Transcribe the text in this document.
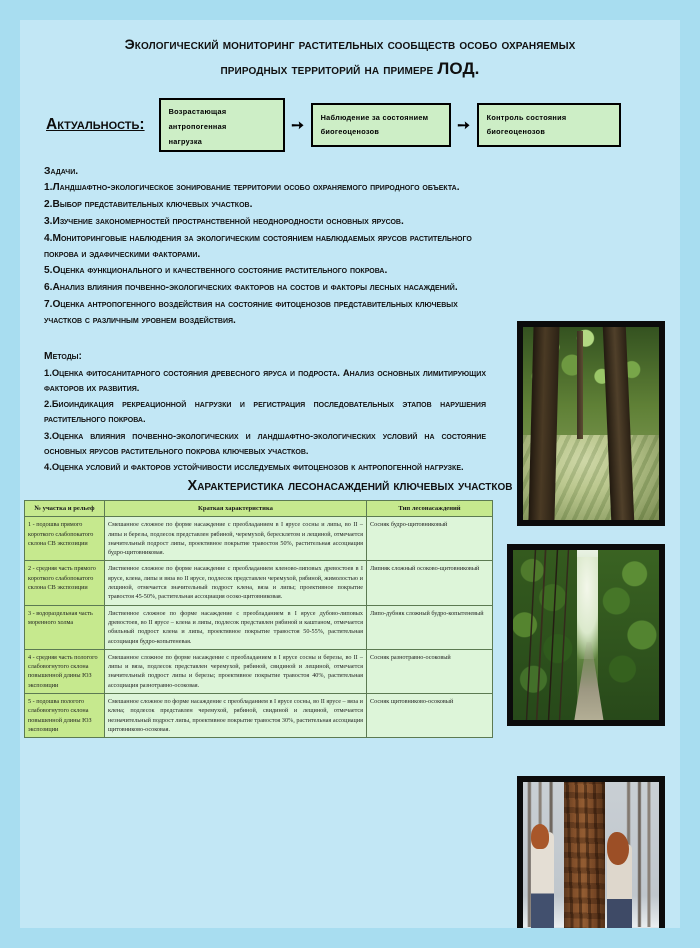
Экологический мониторинг растительных сообществ особо охраняемых
природных территорий на примере ЛОД.
Актуальность:
Возрастающая
антропогенная
нагрузка
➙	Наблюдение за состоянием
биогеоценозов	➙	Контроль состояния
биогеоценозов
Задачи.

1.Ландшафтно-экологическое зонирование территории особо охраняемого природного объекта.

2.Выбор представительных ключевых участков.

3.Изучение закономерностей пространственной неоднородности основных ярусов.

4.Мониторинговые наблюдения за экологическим состоянием наблюдаемых ярусов растительного покрова и эдафическими факторами.

5.Оценка функционального и качественного состояние растительного покрова.

6.Анализ влияния почвенно-экологических факторов на состов и факторы лесных насаждений.

7.Оценка антропогенного воздействия на состояние фитоценозов представительных ключевых участков с различным уровнем воздействия.

Методы:

1.Оценка фитосанитарного состояния древесного яруса и подроста. Анализ основных лимитирующих факторов их развития.

2.Биоиндикация рекреационной нагрузки и регистрация последовательных этапов нарушения растительного покрова.

3.Оценка влияния почвенно-экологических и ландшафтно-экологических условий на состояние основных ярусов растительного покрова ключевых участков.

4.Оценка условий и факторов устойчивости исследуемых фитоценозов к антропогенной нагрузке.

Характеристика лесонасаждений ключевых участков
№ участка и рельеф	Краткая характеристика	Тип лесонасаждений
1 - подошва прямого короткого слабопокатого склона СВ экспозиции	Смешанное сложное по форме насаждение с преобладанием в I ярусе сосны и липы, во II – липы и березы, подлесок представлен рябиной, черемухой, бересклетом и лещиной, отмечается значительный подрост липы, проективное покрытие травостоя 50%, растительная ассоциация будро-щитовниковая.	Сосняк будро-щитовниковый
2 - средняя часть прямого короткого слабопокатого склона СВ экспозиции	Лиственное сложное по форме насаждение с преобладанием кленово-липовых древостоев в I ярусе, клена, липы и вяза во II ярусе, подлесок представлен черемухой, рябиной, жимолостью и лещиной, отмечается значительный подрост клена, вяза и липы; проективное покрытие травостоя 45-50%, растительная ассоциация осоко-щитовниковая.	Липняк сложный осоково-щитовниковый
3 - водораздельная часть моренного холма	Лиственное сложное по форме насаждение с преобладанием в I ярусе дубово-липовых древостоев, во II ярусе – клена и липы, подлесок представлен рябиной и каштаном, отмечается обильный подрост клена и липы, проективное покрытие травостоя 50-55%, растительная ассоциация будро-копытеневая.	Липо-дубняк сложный будро-копытеневый
4 - средняя часть пологого слабовогнутого склона повышенной длины ЮЗ экспозиции	Смешанное сложное по форме насаждение с преобладанием в I ярусе сосны и березы, во II – липы и вяза, подлесок представлен черемухой, рябиной, свидиной и лещиной, отмечается значительный подрост липы и березы; проективное покрытие травостоя 40%, растительная ассоциация разнотравно-осоковая.	Сосняк разнотравно-осоковый
5 - подошва пологого слабовогнутого склона повышенной длины ЮЗ экспозиции	Смешанное сложное по форме насаждение с преобладанием в I ярусе сосны, во II ярусе – вяза и клена; подлесок представлен черемухой, рябиной, свидиной и лещиной, отмечается незначительный подрост липы, проективное покрытие травостоя 30%, растительная ассоциация щитовниково-осоковая.	Сосняк щитовниково-осоковый
